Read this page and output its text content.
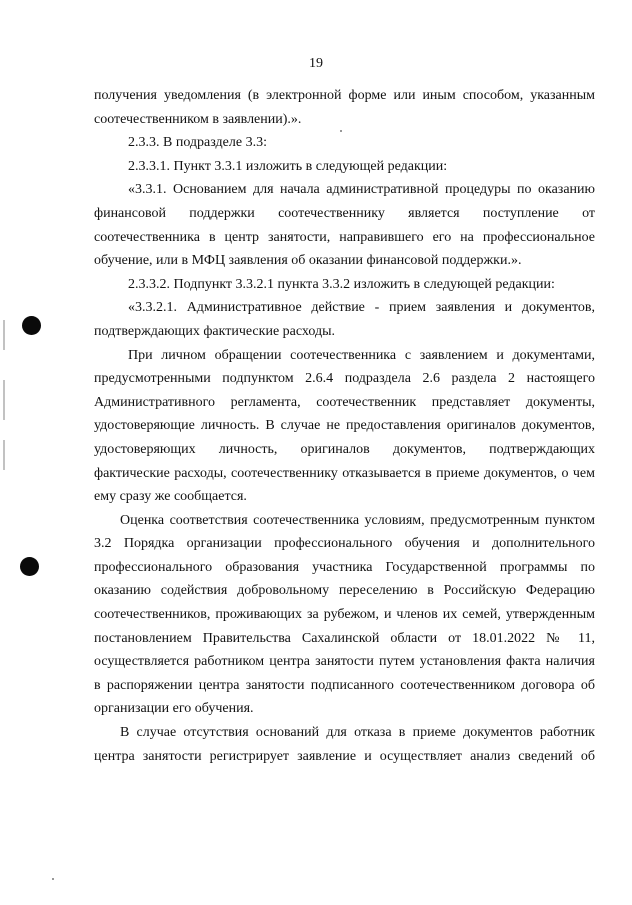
19
получения уведомления (в электронной форме или иным способом, указанным
соотечественником в заявлении).».
2.3.3. В подразделе 3.3:
2.3.3.1. Пункт 3.3.1 изложить в следующей редакции:
«3.3.1. Основанием для начала административной процедуры по оказанию
финансовой поддержки соотечественнику является поступление от
соотечественника в центр занятости, направившего его на профессиональное
обучение, или в МФЦ заявления об оказании финансовой поддержки.».
2.3.3.2. Подпункт 3.3.2.1 пункта 3.3.2 изложить в следующей редакции:
«3.3.2.1. Административное действие - прием заявления и документов,
подтверждающих фактические расходы.
При личном обращении соотечественника с заявлением и документами,
предусмотренными подпунктом 2.6.4 подраздела 2.6 раздела 2 настоящего
Административного регламента, соотечественник представляет документы,
удостоверяющие личность. В случае не предоставления оригиналов документов,
удостоверяющих личность, оригиналов документов, подтверждающих
фактические расходы, соотечественнику отказывается в приеме документов, о чем
ему сразу же сообщается.
Оценка соответствия соотечественника условиям, предусмотренным пунктом
3.2 Порядка организации профессионального обучения и дополнительного
профессионального образования участника Государственной программы по
оказанию содействия добровольному переселению в Российскую Федерацию
соотечественников, проживающих за рубежом, и членов их семей, утвержденным
постановлением Правительства Сахалинской области от 18.01.2022 № 11,
осуществляется работником центра занятости путем установления факта наличия
в распоряжении центра занятости подписанного соотечественником договора об
организации его обучения.
В случае отсутствия оснований для отказа в приеме документов работник
центра занятости регистрирует заявление и осуществляет анализ сведений об
